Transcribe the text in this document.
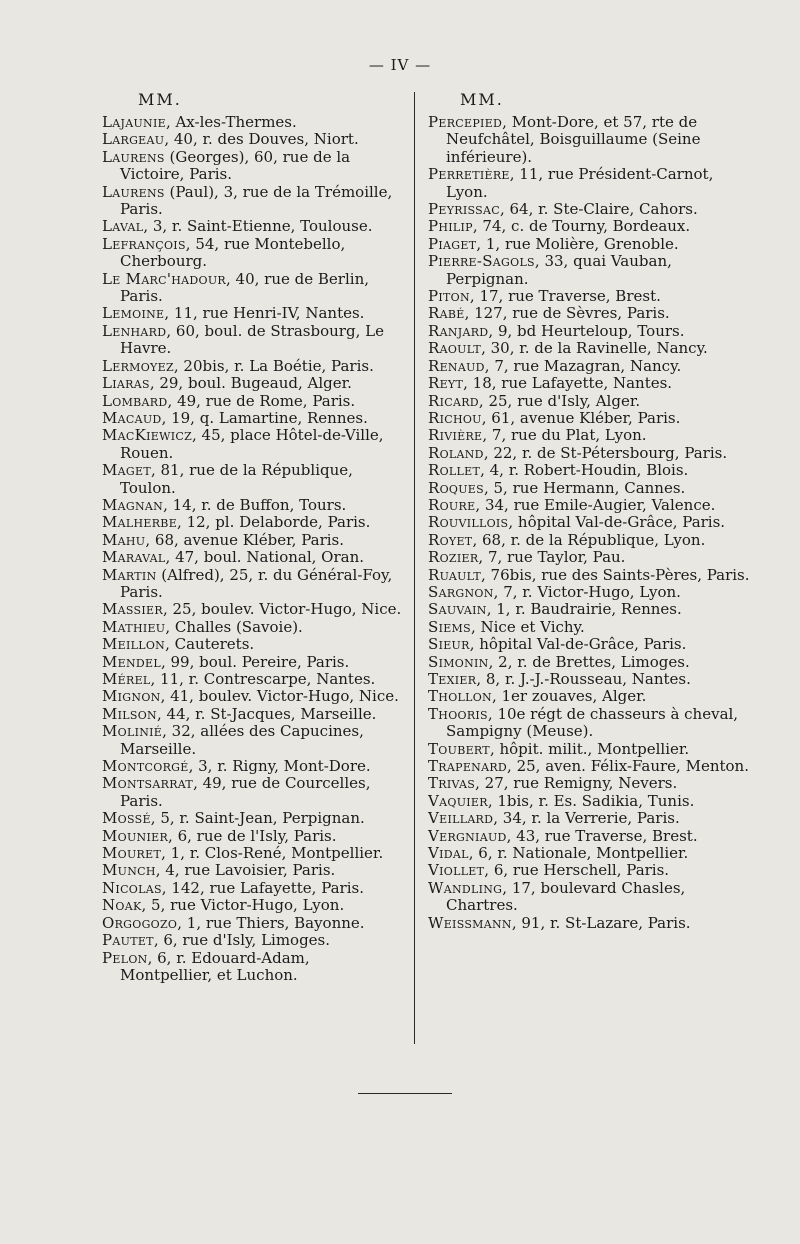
— IV —
MM.
Lajaunie, Ax-les-Thermes.
Largeau, 40, r. des Douves, Niort.
Laurens (Georges), 60, rue de la Victoire, Paris.
Laurens (Paul), 3, rue de la Trémoille, Paris.
Laval, 3, r. Saint-Etienne, Toulouse.
Lefrançois, 54, rue Montebello, Cherbourg.
Le Marc'hadour, 40, rue de Berlin, Paris.
Lemoine, 11, rue Henri-IV, Nantes.
Lenhard, 60, boul. de Strasbourg, Le Havre.
Lermoyez, 20bis, r. La Boétie, Paris.
Liaras, 29, boul. Bugeaud, Alger.
Lombard, 49, rue de Rome, Paris.
Macaud, 19, q. Lamartine, Rennes.
MacKiewicz, 45, place Hôtel-de-Ville, Rouen.
Maget, 81, rue de la République, Toulon.
Magnan, 14, r. de Buffon, Tours.
Malherbe, 12, pl. Delaborde, Paris.
Mahu, 68, avenue Kléber, Paris.
Maraval, 47, boul. National, Oran.
Martin (Alfred), 25, r. du Général-Foy, Paris.
Massier, 25, boulev. Victor-Hugo, Nice.
Mathieu, Challes (Savoie).
Meillon, Cauterets.
Mendel, 99, boul. Pereire, Paris.
Mérel, 11, r. Contrescarpe, Nantes.
Mignon, 41, boulev. Victor-Hugo, Nice.
Milson, 44, r. St-Jacques, Marseille.
Molinié, 32, allées des Capucines, Marseille.
Montcorgé, 3, r. Rigny, Mont-Dore.
Montsarrat, 49, rue de Courcelles, Paris.
Mossé, 5, r. Saint-Jean, Perpignan.
Mounier, 6, rue de l'Isly, Paris.
Mouret, 1, r. Clos-René, Montpellier.
Munch, 4, rue Lavoisier, Paris.
Nicolas, 142, rue Lafayette, Paris.
Noak, 5, rue Victor-Hugo, Lyon.
Orgogozo, 1, rue Thiers, Bayonne.
Pautet, 6, rue d'Isly, Limoges.
Pelon, 6, r. Edouard-Adam, Montpellier, et Luchon.
MM.
Percepied, Mont-Dore, et 57, rte de Neufchâtel, Boisguillaume (Seine inférieure).
Perretière, 11, rue Président-Carnot, Lyon.
Peyrissac, 64, r. Ste-Claire, Cahors.
Philip, 74, c. de Tourny, Bordeaux.
Piaget, 1, rue Molière, Grenoble.
Pierre-Sagols, 33, quai Vauban, Perpignan.
Piton, 17, rue Traverse, Brest.
Rabé, 127, rue de Sèvres, Paris.
Ranjard, 9, bd Heurteloup, Tours.
Raoult, 30, r. de la Ravinelle, Nancy.
Renaud, 7, rue Mazagran, Nancy.
Reyt, 18, rue Lafayette, Nantes.
Ricard, 25, rue d'Isly, Alger.
Richou, 61, avenue Kléber, Paris.
Rivière, 7, rue du Plat, Lyon.
Roland, 22, r. de St-Pétersbourg, Paris.
Rollet, 4, r. Robert-Houdin, Blois.
Roques, 5, rue Hermann, Cannes.
Roure, 34, rue Emile-Augier, Valence.
Rouvillois, hôpital Val-de-Grâce, Paris.
Royet, 68, r. de la République, Lyon.
Rozier, 7, rue Taylor, Pau.
Ruault, 76bis, rue des Saints-Pères, Paris.
Sargnon, 7, r. Victor-Hugo, Lyon.
Sauvain, 1, r. Baudrairie, Rennes.
Siems, Nice et Vichy.
Sieur, hôpital Val-de-Grâce, Paris.
Simonin, 2, r. de Brettes, Limoges.
Texier, 8, r. J.-J.-Rousseau, Nantes.
Thollon, 1er zouaves, Alger.
Thooris, 10e régt de chasseurs à cheval, Sampigny (Meuse).
Toubert, hôpit. milit., Montpellier.
Trapenard, 25, aven. Félix-Faure, Menton.
Trivas, 27, rue Remigny, Nevers.
Vaquier, 1bis, r. Es. Sadikia, Tunis.
Veillard, 34, r. la Verrerie, Paris.
Vergniaud, 43, rue Traverse, Brest.
Vidal, 6, r. Nationale, Montpellier.
Viollet, 6, rue Herschell, Paris.
Wandling, 17, boulevard Chasles, Chartres.
Weissmann, 91, r. St-Lazare, Paris.
